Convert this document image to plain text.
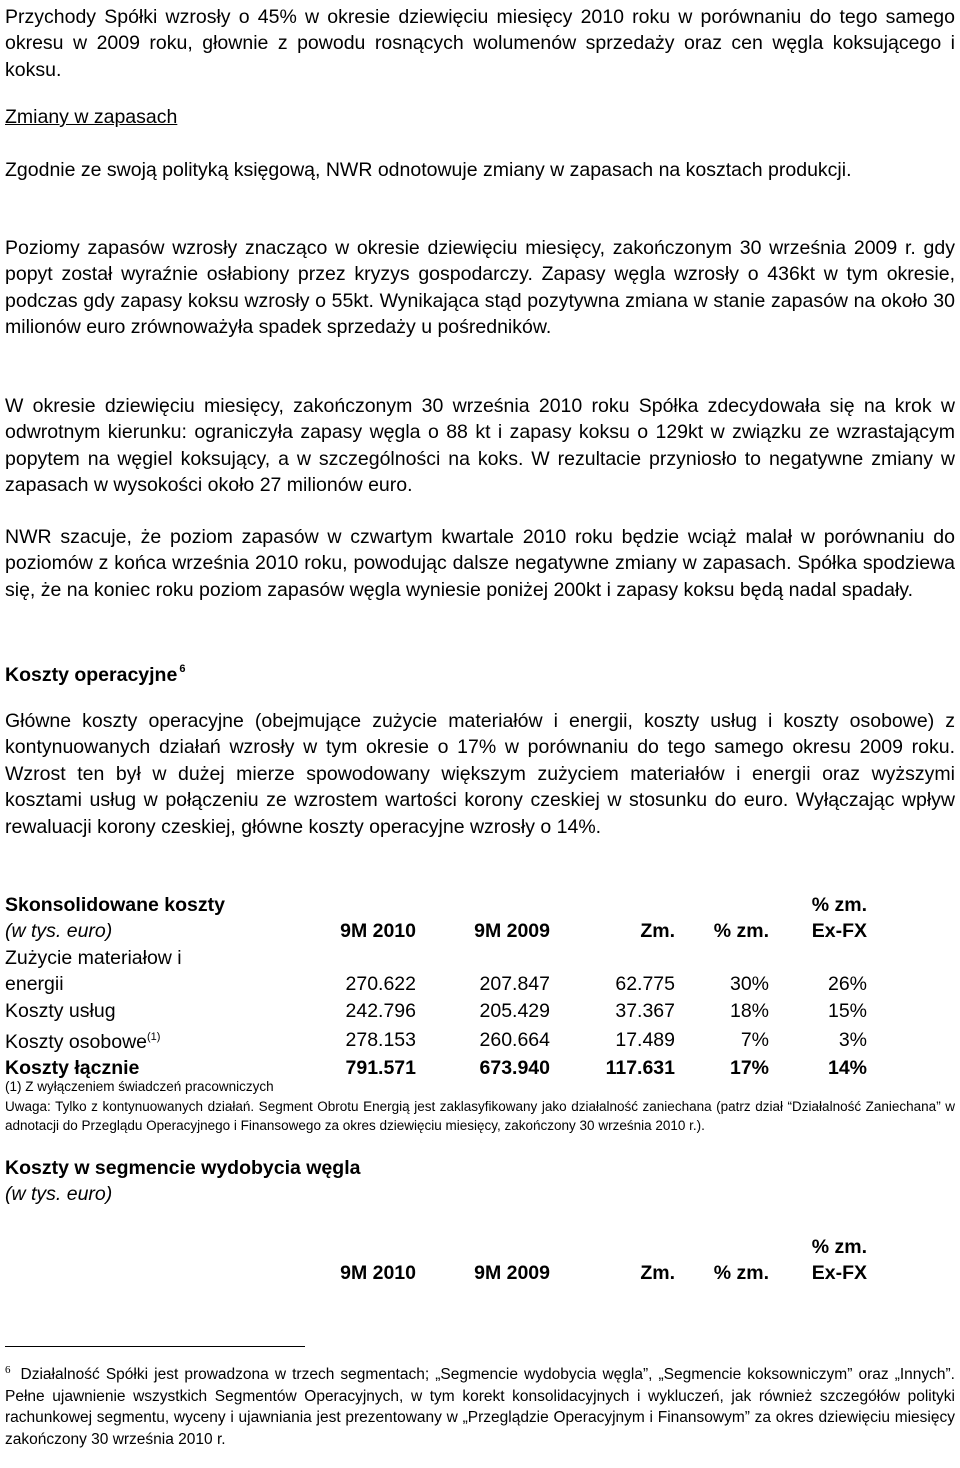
Przychody Spółki wzrosły o 45% w okresie dziewięciu miesięcy 2010 roku w porównaniu do tego samego okresu w 2009 roku, głownie z powodu rosnących wolumenów sprzedaży oraz cen węgla koksującego i koksu.

Zmiany w zapasach

Zgodnie ze swoją polityką księgową, NWR odnotowuje zmiany w zapasach na kosztach produkcji.

Poziomy zapasów wzrosły znacząco w okresie dziewięciu miesięcy, zakończonym 30 września 2009 r. gdy popyt został wyraźnie osłabiony przez kryzys gospodarczy. Zapasy węgla wzrosły o 436kt w tym okresie, podczas gdy zapasy koksu wzrosły o 55kt. Wynikająca stąd pozytywna zmiana w stanie zapasów na około 30 milionów euro zrównoważyła spadek sprzedaży u pośredników.

W okresie dziewięciu miesięcy, zakończonym 30 września 2010 roku Spółka zdecydowała się na krok w odwrotnym kierunku: ograniczyła zapasy węgla o 88 kt i zapasy koksu o 129kt w związku ze wzrastającym popytem na węgiel koksujący, a w szczególności na koks. W rezultacie przyniosło to negatywne zmiany w zapasach w wysokości około 27 milionów euro.

NWR szacuje, że poziom zapasów w czwartym kwartale 2010 roku będzie wciąż malał w porównaniu do poziomów z końca września 2010 roku, powodując dalsze negatywne zmiany w zapasach. Spółka spodziewa się, że na koniec roku poziom zapasów węgla wyniesie poniżej 200kt i zapasy koksu będą nadal spadały.

Koszty operacyjne $^6$

Główne koszty operacyjne (obejmujące zużycie materiałów i energii, koszty usług i koszty osobowe) z kontynuowanych działań wzrosły w tym okresie o 17% w porównaniu do tego samego okresu 2009 roku. Wzrost ten był w dużej mierze spowodowany większym zużyciem materiałów i energii oraz wyższymi kosztami usług w połączeniu ze wzrostem wartości korony czeskiej w stosunku do euro. Wyłączając wpływ rewaluacji korony czeskiej, główne koszty operacyjne wzrosły o 14%.

Skonsolidowane koszty					% zm.
(w tys. euro)	9M 2010	9M 2009	Zm.	% zm.	Ex-FX
Zużycie materiałow i					
energii	270.622	207.847	62.775	30%	26%
Koszty usług	242.796	205.429	37.367	18%	15%
Koszty osobowe$^{(1)}$	278.153	260.664	17.489	7%	3%
Koszty łącznie	791.571	673.940	117.631	17%	14%
(1) Z wyłączeniem świadczeń pracowniczych
Uwaga: Tylko z kontynuowanych działań. Segment Obrotu Energią jest zaklasyfikowany jako działalność zaniechana (patrz dział “Działalność Zaniechana” w adnotacji do Przeglądu Operacyjnego i Finansowego za okres dziewięciu miesięcy, zakończony 30 września 2010 r.).
Koszty w segmencie wydobycia węgla
(w tys. euro)
					% zm.
	9M 2010	9M 2009	Zm.	% zm.	Ex-FX
$^6$ Działalność Spółki jest prowadzona w trzech segmentach; „Segmencie wydobycia węgla”, „Segmencie koksowniczym” oraz „Innych”. Pełne ujawnienie wszystkich Segmentów Operacyjnych, w tym korekt konsolidacyjnych i wykluczeń, jak również szczegółów polityki rachunkowej segmentu, wyceny i ujawniania jest prezentowany w „Przeglądzie Operacyjnym i Finansowym” za okres dziewięciu miesięcy zakończony 30 września 2010 r.
